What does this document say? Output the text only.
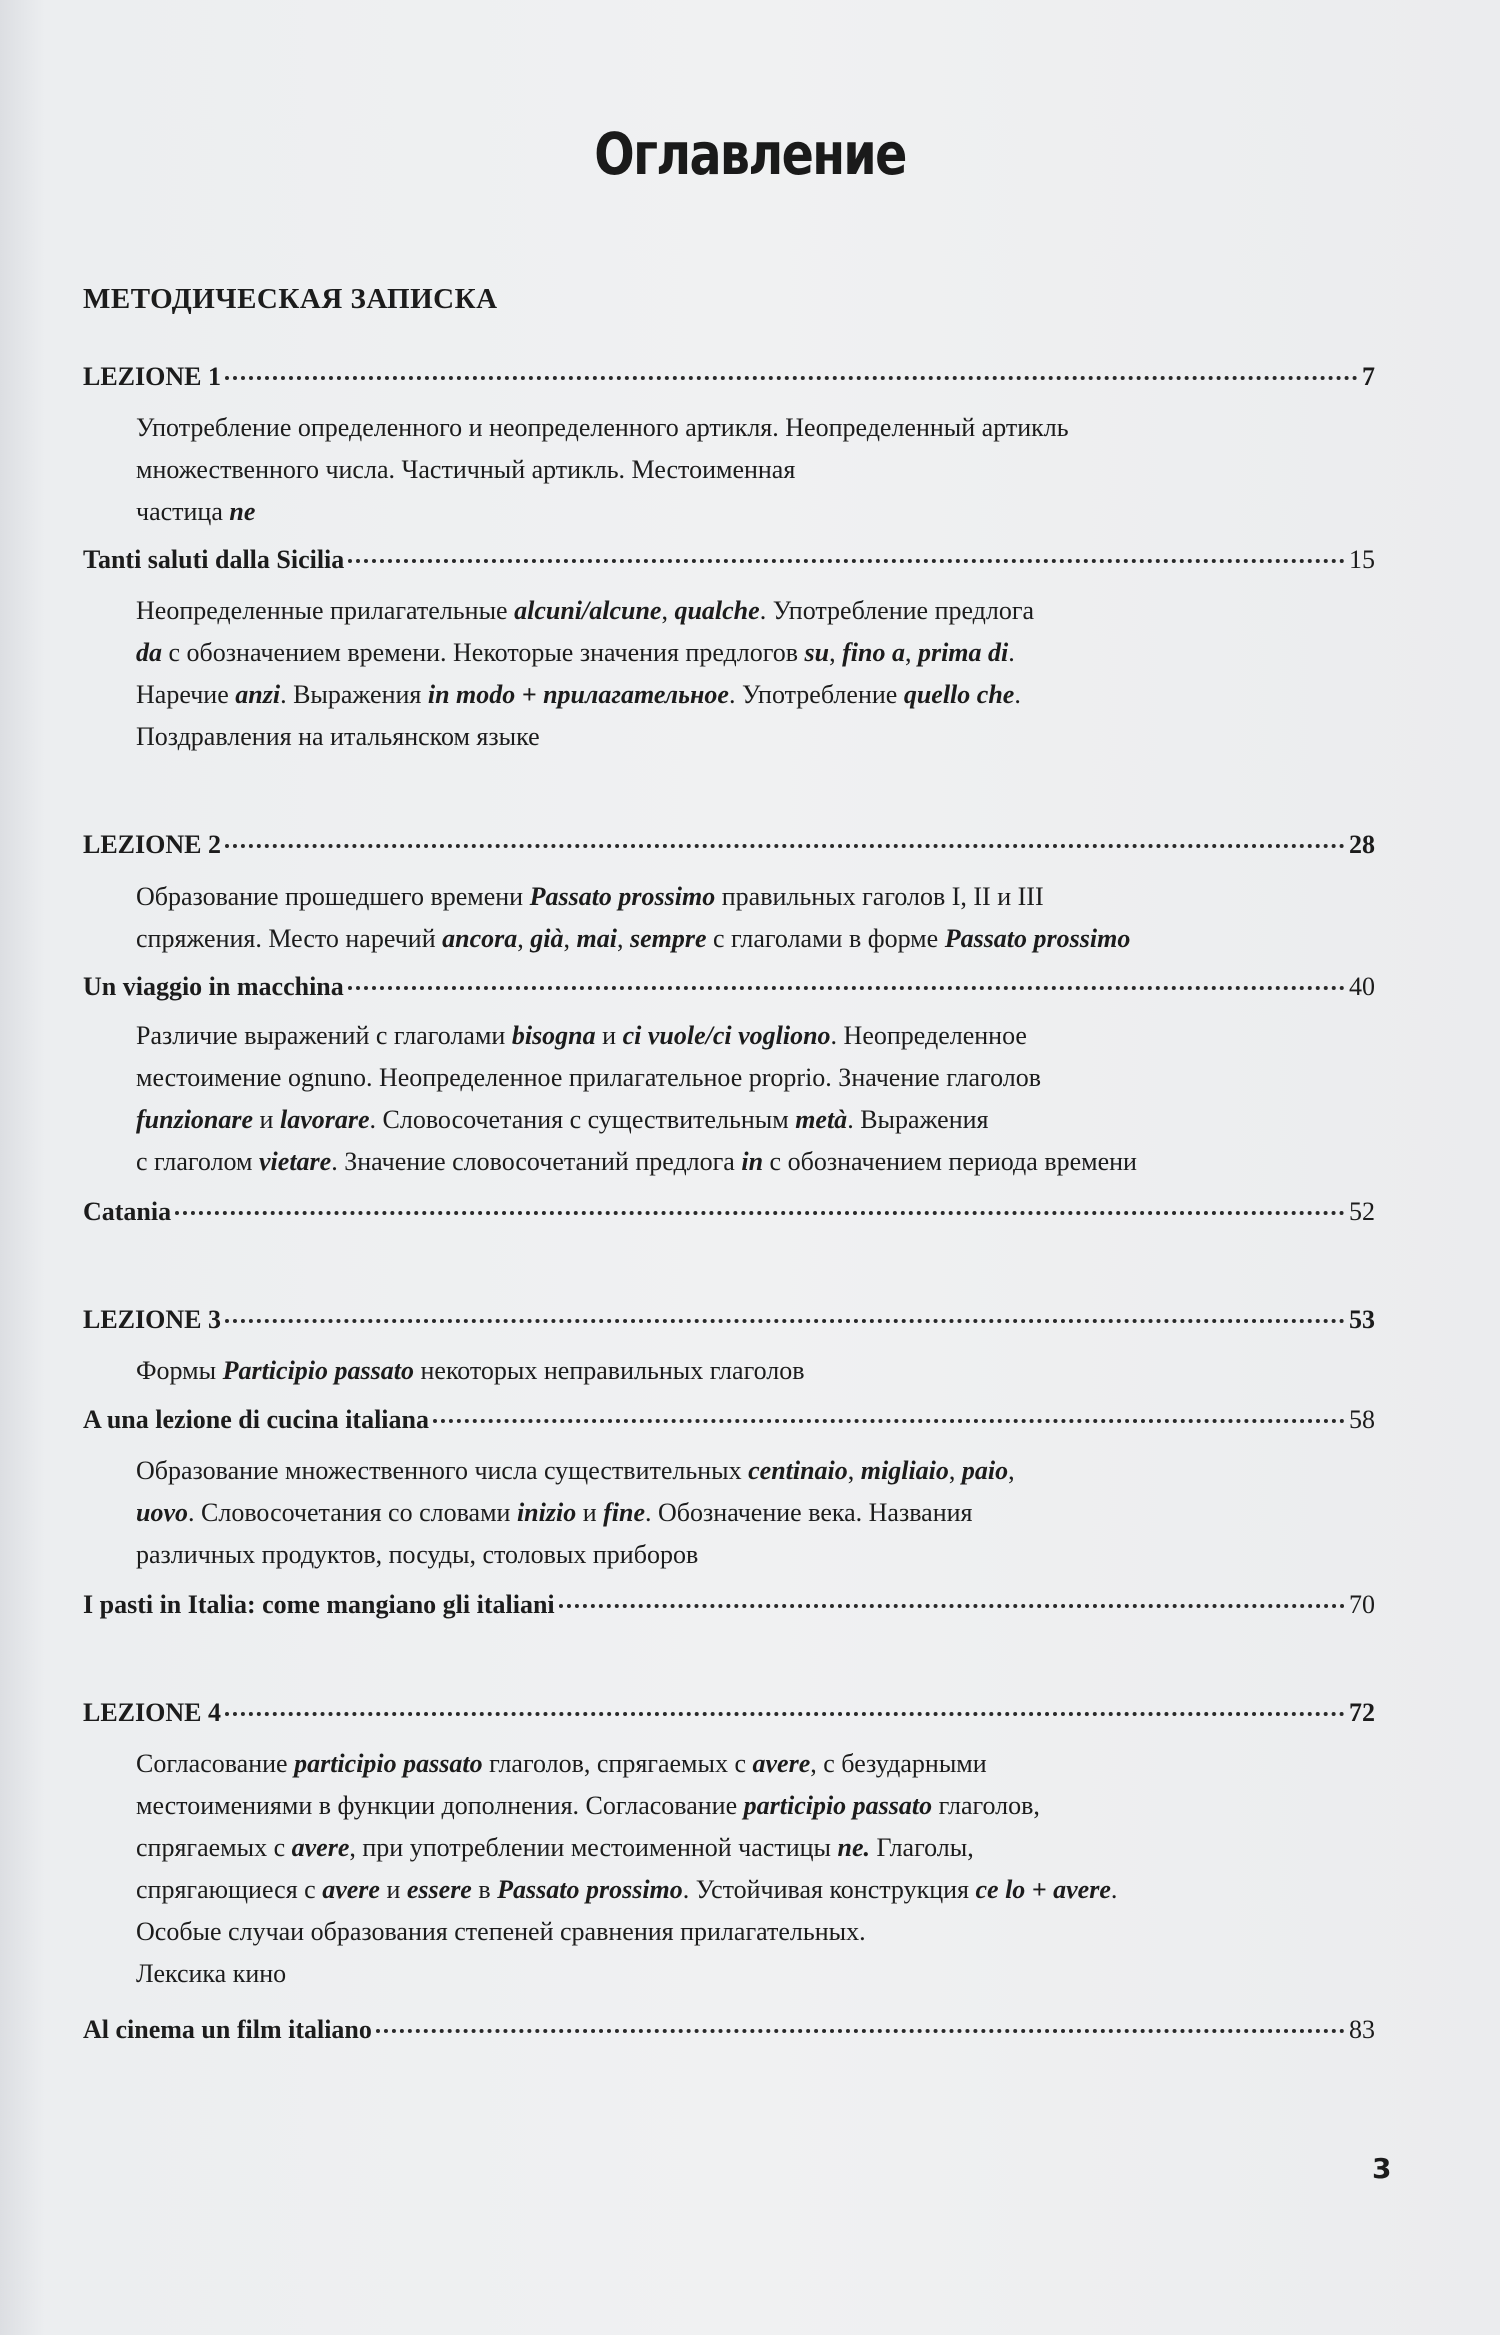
Оглавление
МЕТОДИЧЕСКАЯ ЗАПИСКА
LEZIONE 1	7
Употребление определенного и неопределенного артикля. Неопределенный артикль
множественного числа. Частичный артикль. Местоименная
частица ne
Tanti saluti dalla Sicilia	15
Неопределенные прилагательные alcuni/alcune, qualche. Употребление предлога
da с обозначением времени. Некоторые значения предлогов su, fino a, prima di.
Наречие anzi. Выражения in modo + прилагательное. Употребление quello che.
Поздравления на итальянском языке
LEZIONE 2	28
Образование прошедшего времени Passato prossimo правильных гаголов I, II и III
спряжения. Место наречий ancora, già, mai, sempre с глаголами в форме Passato prossimo
Un viaggio in macchina	40
Различие выражений с глаголами bisogna и ci vuole/ci vogliono. Неопределенное
местоимение ognuno. Неопределенное прилагательное prорrio. Значение глаголов
funzionare и lavorare. Словосочетания с существительным metà. Выражения
с глаголом vietare. Значение словосочетаний предлога in с обозначением периода времени
Catania	52
LEZIONE 3	53
Формы Participio passato некоторых неправильных глаголов
A una lezione di cucina italiana	58
Образование множественного числа существительных centinaio, migliaio, paio,
uovo. Словосочетания со словами inizio и fine. Обозначение века. Названия
различных продуктов, посуды, столовых приборов
I pasti in Italia: come mangiano gli italiani	70
LEZIONE 4	72
Согласование participio passato глаголов, спрягаемых с avere, с безударными
местоимениями в функции дополнения. Согласование participio passato глаголов,
спрягаемых с avere, при употреблении местоименной частицы ne. Глаголы,
спрягающиеся с avere и essere в Passato prossimo. Устойчивая конструкция ce lo + avere.
Особые случаи образования степеней сравнения прилагательных.
Лексика кино
Al cinema un film italiano	83
3
